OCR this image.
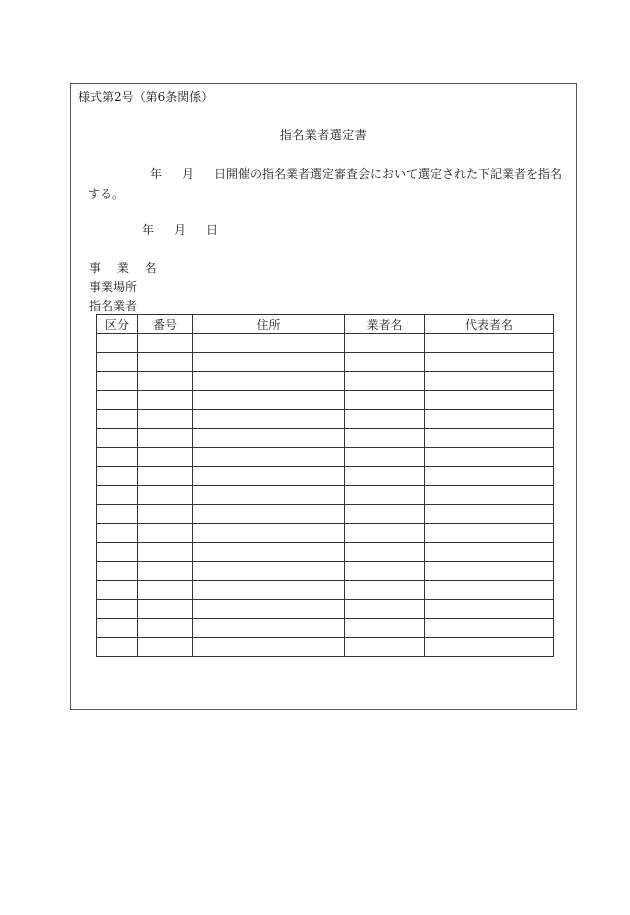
様式第2号（第6条関係）
指名業者選定書
年 月 日開催の指名業者選定審査会において選定された下記業者を指名
する。
年 月 日
事 業 名
事業場所
指名業者
区分	番号	住所	業者名	代表者名
